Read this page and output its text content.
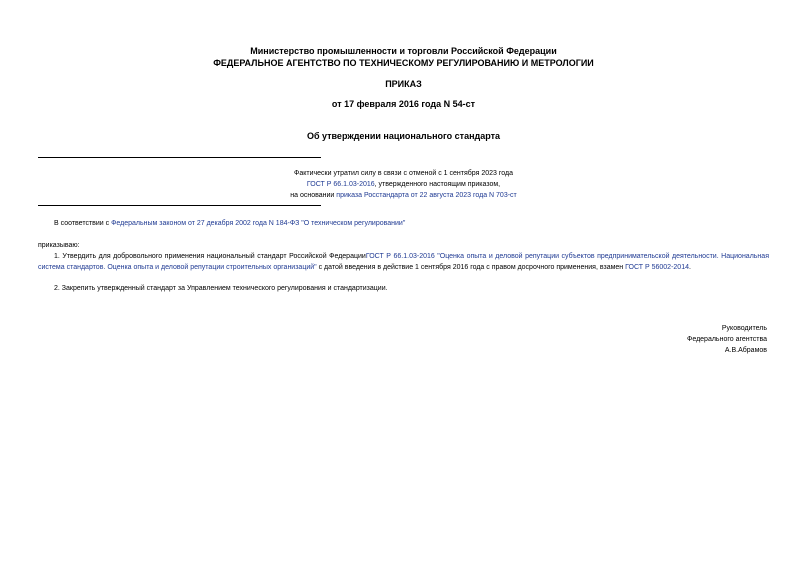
Министерство промышленности и торговли Российской Федерации
ФЕДЕРАЛЬНОЕ АГЕНТСТВО ПО ТЕХНИЧЕСКОМУ РЕГУЛИРОВАНИЮ И МЕТРОЛОГИИ
ПРИКАЗ
от 17 февраля 2016 года N 54-ст
Об утверждении национального стандарта
Фактически утратил силу в связи с отменой с 1 сентября 2023 года
ГОСТ Р 66.1.03-2016, утвержденного настоящим приказом,
на основании приказа Росстандарта от 22 августа 2023 года N 703-ст
В соответствии с Федеральным законом от 27 декабря 2002 года N 184-ФЗ "О техническом регулировании"
приказываю:
1. Утвердить для добровольного применения национальный стандарт Российской ФедерацииГОСТ Р 66.1.03-2016 "Оценка опыта и деловой репутации субъектов предпринимательской деятельности. Национальная система стандартов. Оценка опыта и деловой репутации строительных организаций" с датой введения в действие 1 сентября 2016 года с правом досрочного применения, взамен ГОСТ Р 56002-2014.
2. Закрепить утвержденный стандарт за Управлением технического регулирования и стандартизации.
Руководитель
Федерального агентства
А.В.Абрамов
